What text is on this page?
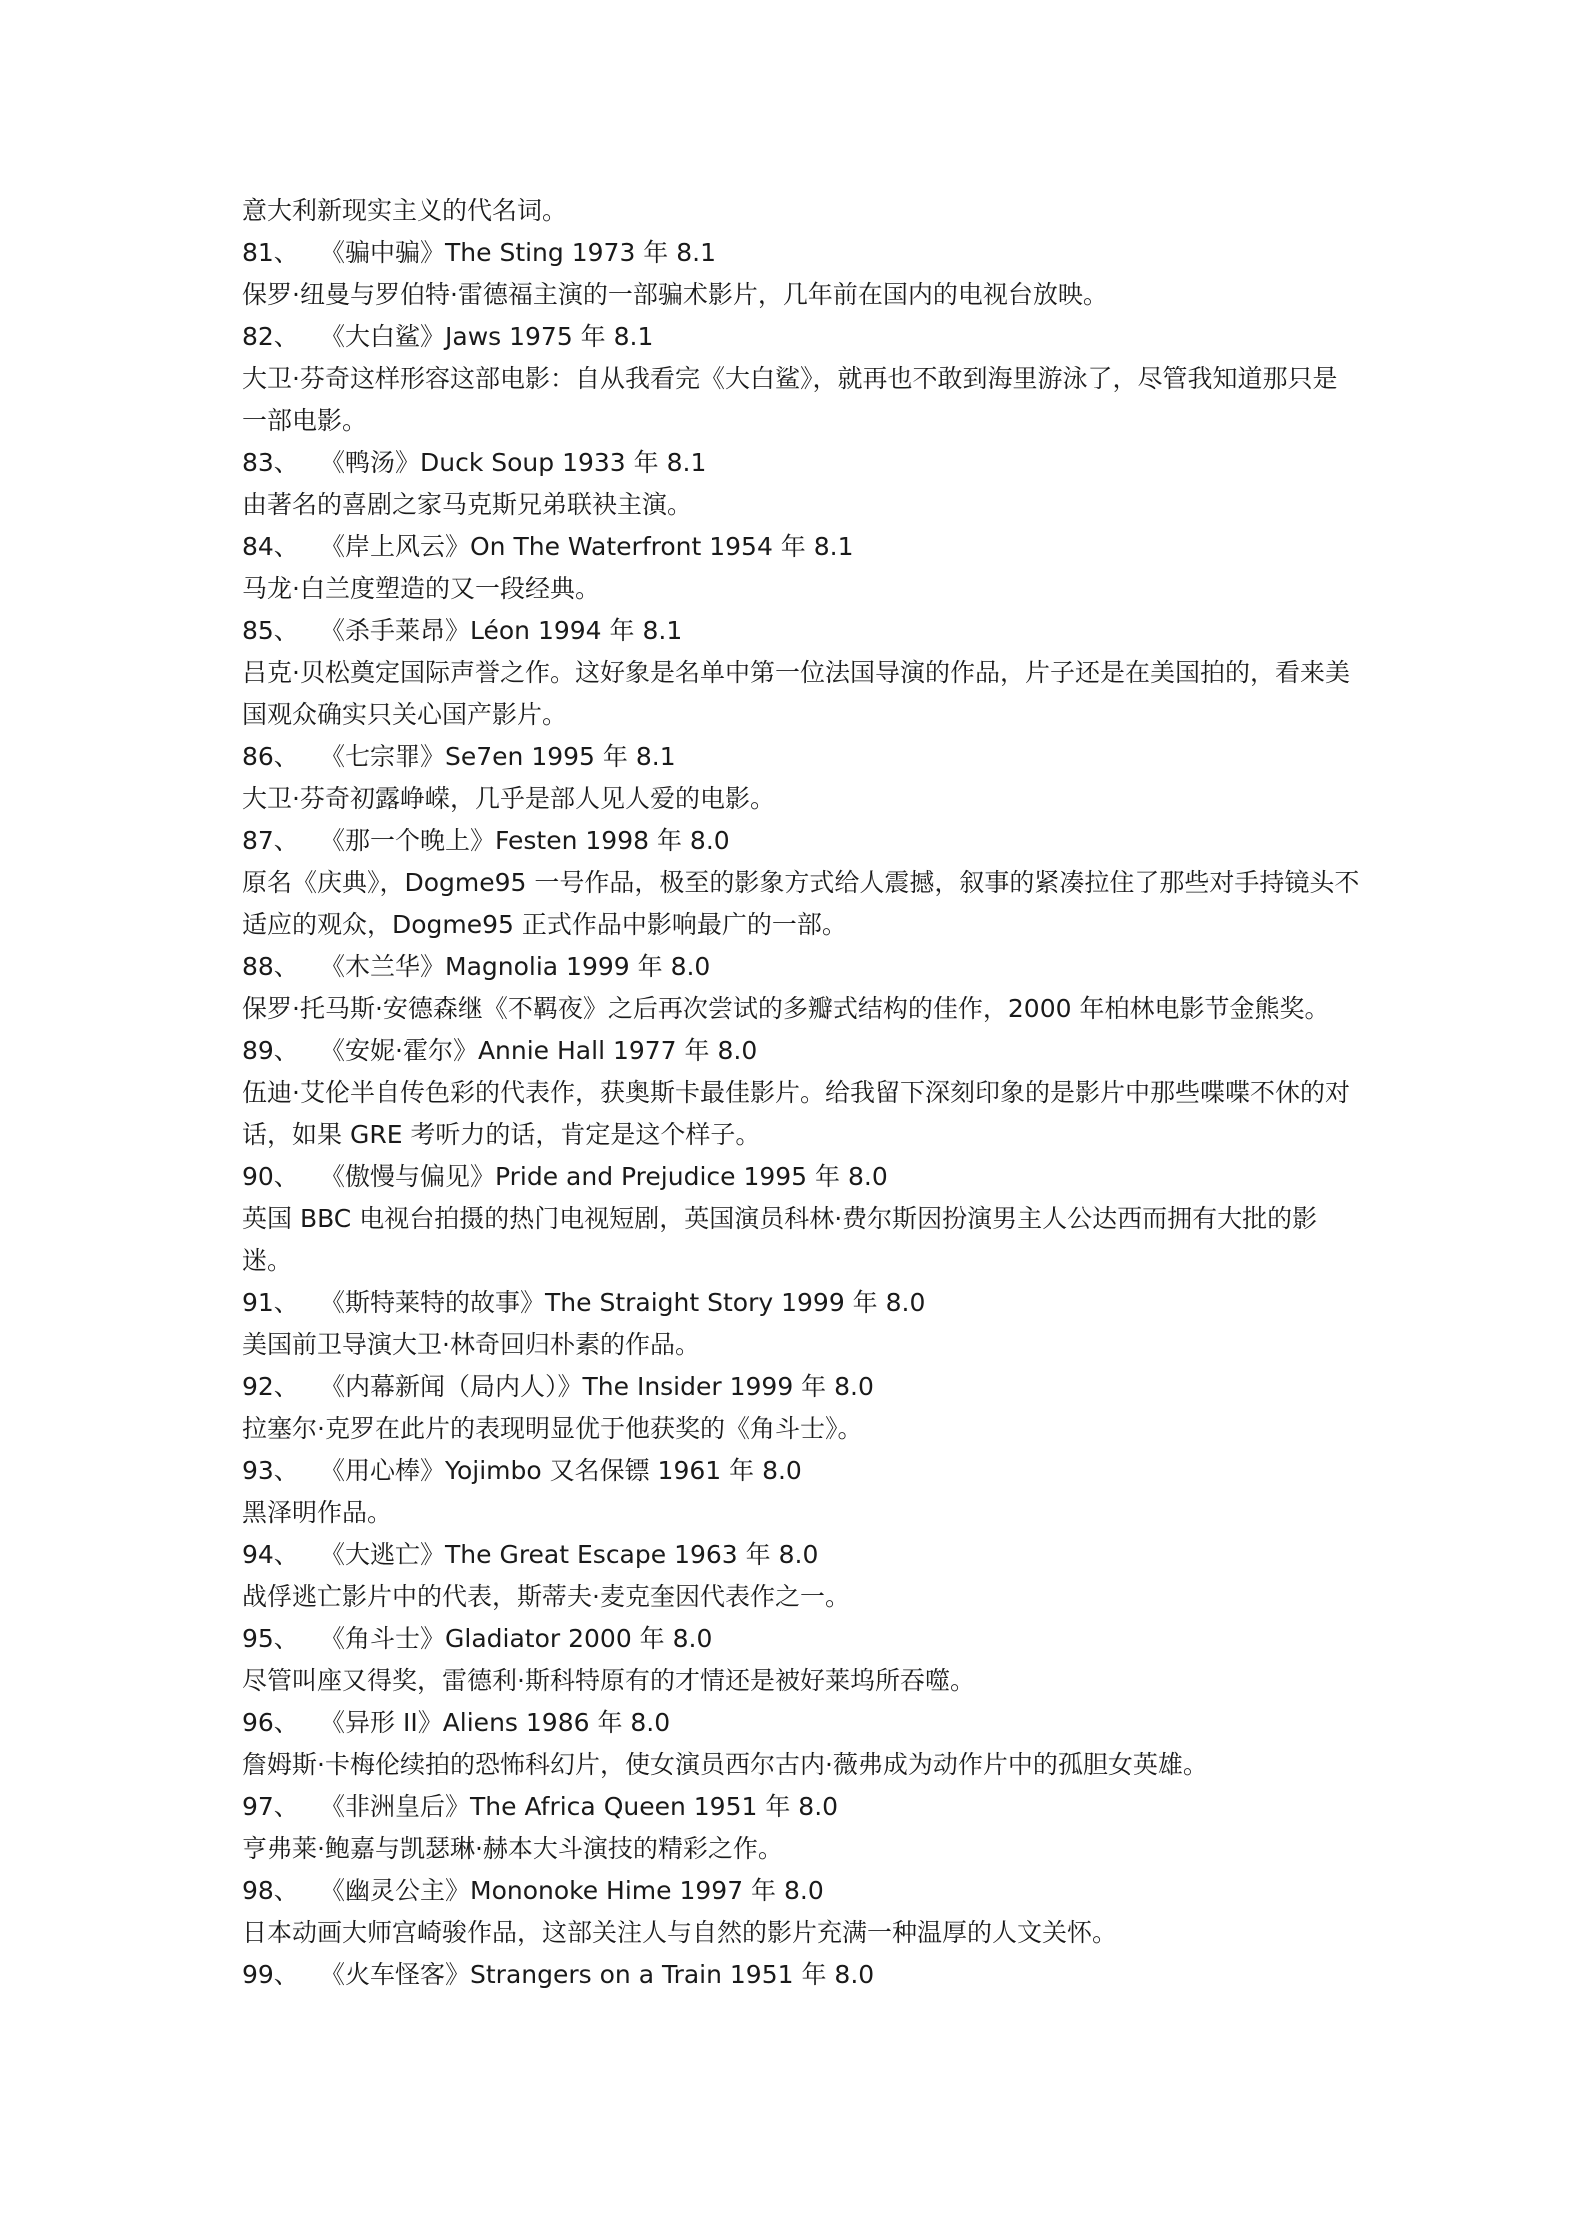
意大利新现实主义的代名词。
81、 《骗中骗》The Sting 1973 年 8.1
保罗·纽曼与罗伯特·雷德福主演的一部骗术影片，几年前在国内的电视台放映。
82、 《大白鲨》Jaws 1975 年 8.1
大卫·芬奇这样形容这部电影：自从我看完《大白鲨》，就再也不敢到海里游泳了，尽管我知道那只是一部电影。
83、 《鸭汤》Duck Soup 1933 年 8.1
由著名的喜剧之家马克斯兄弟联袂主演。
84、 《岸上风云》On The Waterfront 1954 年 8.1
马龙·白兰度塑造的又一段经典。
85、 《杀手莱昂》Léon 1994 年 8.1
吕克·贝松奠定国际声誉之作。这好象是名单中第一位法国导演的作品，片子还是在美国拍的，看来美国观众确实只关心国产影片。
86、 《七宗罪》Se7en 1995 年 8.1
大卫·芬奇初露峥嵘，几乎是部人见人爱的电影。
87、 《那一个晚上》Festen 1998 年 8.0
原名《庆典》，Dogme95 一号作品，极至的影象方式给人震撼，叙事的紧凑拉住了那些对手持镜头不适应的观众，Dogme95 正式作品中影响最广的一部。
88、 《木兰华》Magnolia 1999 年 8.0
保罗·托马斯·安德森继《不羁夜》之后再次尝试的多瓣式结构的佳作，2000 年柏林电影节金熊奖。
89、 《安妮·霍尔》Annie Hall 1977 年 8.0
伍迪·艾伦半自传色彩的代表作，获奥斯卡最佳影片。给我留下深刻印象的是影片中那些喋喋不休的对话，如果 GRE 考听力的话，肯定是这个样子。
90、 《傲慢与偏见》Pride and Prejudice 1995 年 8.0
英国 BBC 电视台拍摄的热门电视短剧，英国演员科林·费尔斯因扮演男主人公达西而拥有大批的影迷。
91、 《斯特莱特的故事》The Straight Story 1999 年 8.0
美国前卫导演大卫·林奇回归朴素的作品。
92、 《内幕新闻（局内人）》The Insider 1999 年 8.0
拉塞尔·克罗在此片的表现明显优于他获奖的《角斗士》。
93、 《用心棒》Yojimbo 又名保镖 1961 年 8.0
黑泽明作品。
94、 《大逃亡》The Great Escape 1963 年 8.0
战俘逃亡影片中的代表，斯蒂夫·麦克奎因代表作之一。
95、 《角斗士》Gladiator 2000 年 8.0
尽管叫座又得奖，雷德利·斯科特原有的才情还是被好莱坞所吞噬。
96、 《异形 II》Aliens 1986 年 8.0
詹姆斯·卡梅伦续拍的恐怖科幻片，使女演员西尔古内·薇弗成为动作片中的孤胆女英雄。
97、 《非洲皇后》The Africa Queen 1951 年 8.0
亨弗莱·鲍嘉与凯瑟琳·赫本大斗演技的精彩之作。
98、 《幽灵公主》Mononoke Hime 1997 年 8.0
日本动画大师宫崎骏作品，这部关注人与自然的影片充满一种温厚的人文关怀。
99、 《火车怪客》Strangers on a Train 1951 年 8.0
